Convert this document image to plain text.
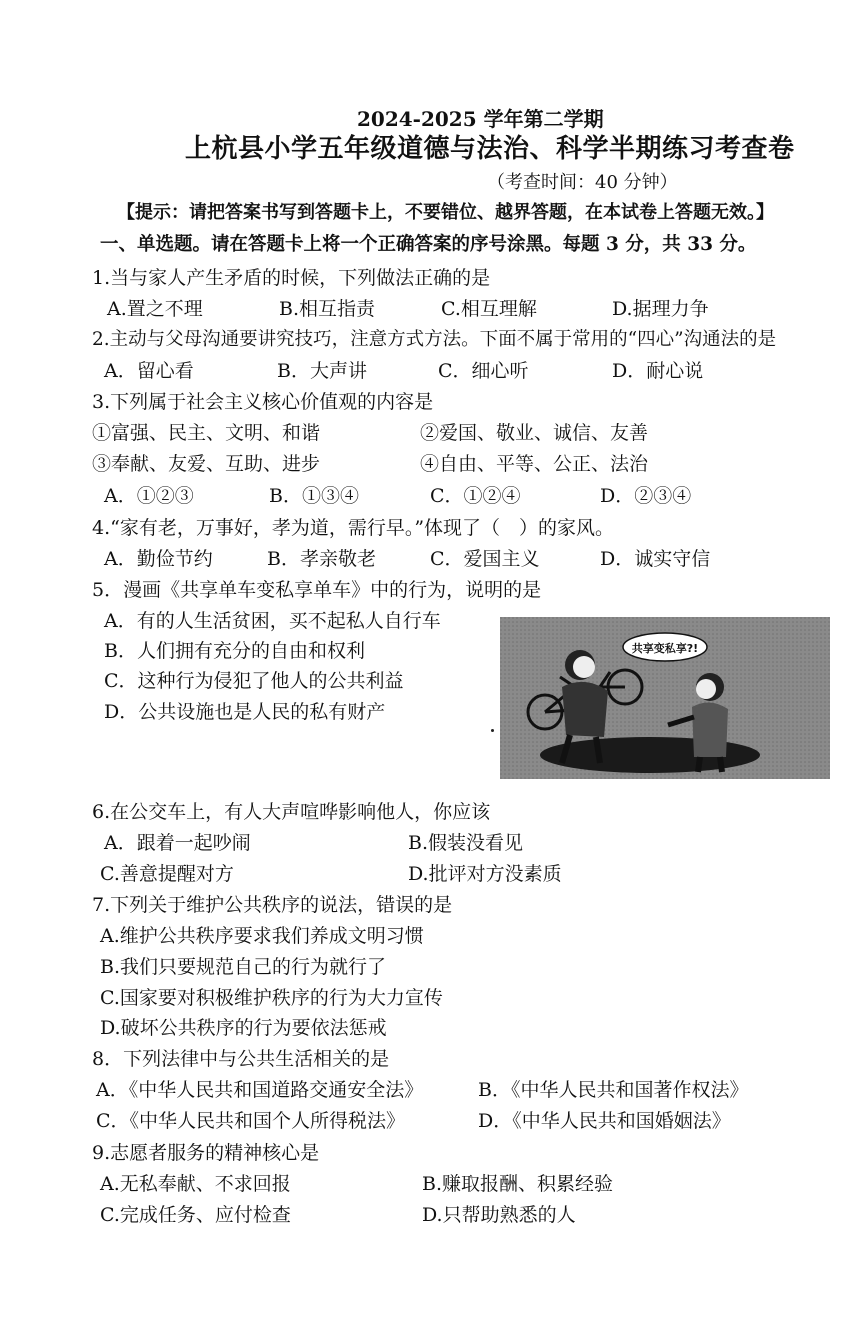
2024-2025 学年第二学期
上杭县小学五年级道德与法治、科学半期练习考查卷
（考查时间：40 分钟）
【提示：请把答案书写到答题卡上，不要错位、越界答题，在本试卷上答题无效。】
一、单选题。请在答题卡上将一个正确答案的序号涂黑。每题 3 分，共 33 分。
1.当与家人产生矛盾的时候，下列做法正确的是
A.置之不理	B.相互指责	C.相互理解	D.据理力争
2.主动与父母沟通要讲究技巧，注意方式方法。下面不属于常用的“四心”沟通法的是
A．留心看	B．大声讲	C．细心听	D．耐心说
3.下列属于社会主义核心价值观的内容是
①富强、民主、文明、和谐	②爱国、敬业、诚信、友善
③奉献、友爱、互助、进步	④自由、平等、公正、法治
A．①②③	B．①③④	C．①②④	D．②③④
4.“家有老，万事好，孝为道，需行早。”体现了（　）的家风。
A．勤俭节约	B．孝亲敬老	C．爱国主义	D．诚实守信
5．漫画《共享单车变私享单车》中的行为，说明的是
A．有的人生活贫困，买不起私人自行车
B．人们拥有充分的自由和权利
C．这种行为侵犯了他人的公共利益
D．公共设施也是人民的私有财产
共享变私享?!
6.在公交车上，有人大声喧哗影响他人，你应该
A．跟着一起吵闹	B.假装没看见
C.善意提醒对方	D.批评对方没素质
7.下列关于维护公共秩序的说法，错误的是
A.维护公共秩序要求我们养成文明习惯
B.我们只要规范自己的行为就行了
C.国家要对积极维护秩序的行为大力宣传
D.破坏公共秩序的行为要依法惩戒
8．下列法律中与公共生活相关的是
A．《中华人民共和国道路交通安全法》	B．《中华人民共和国著作权法》
C．《中华人民共和国个人所得税法》	D．《中华人民共和国婚姻法》
9.志愿者服务的精神核心是
A.无私奉献、不求回报	B.赚取报酬、积累经验
C.完成任务、应付检查	D.只帮助熟悉的人
